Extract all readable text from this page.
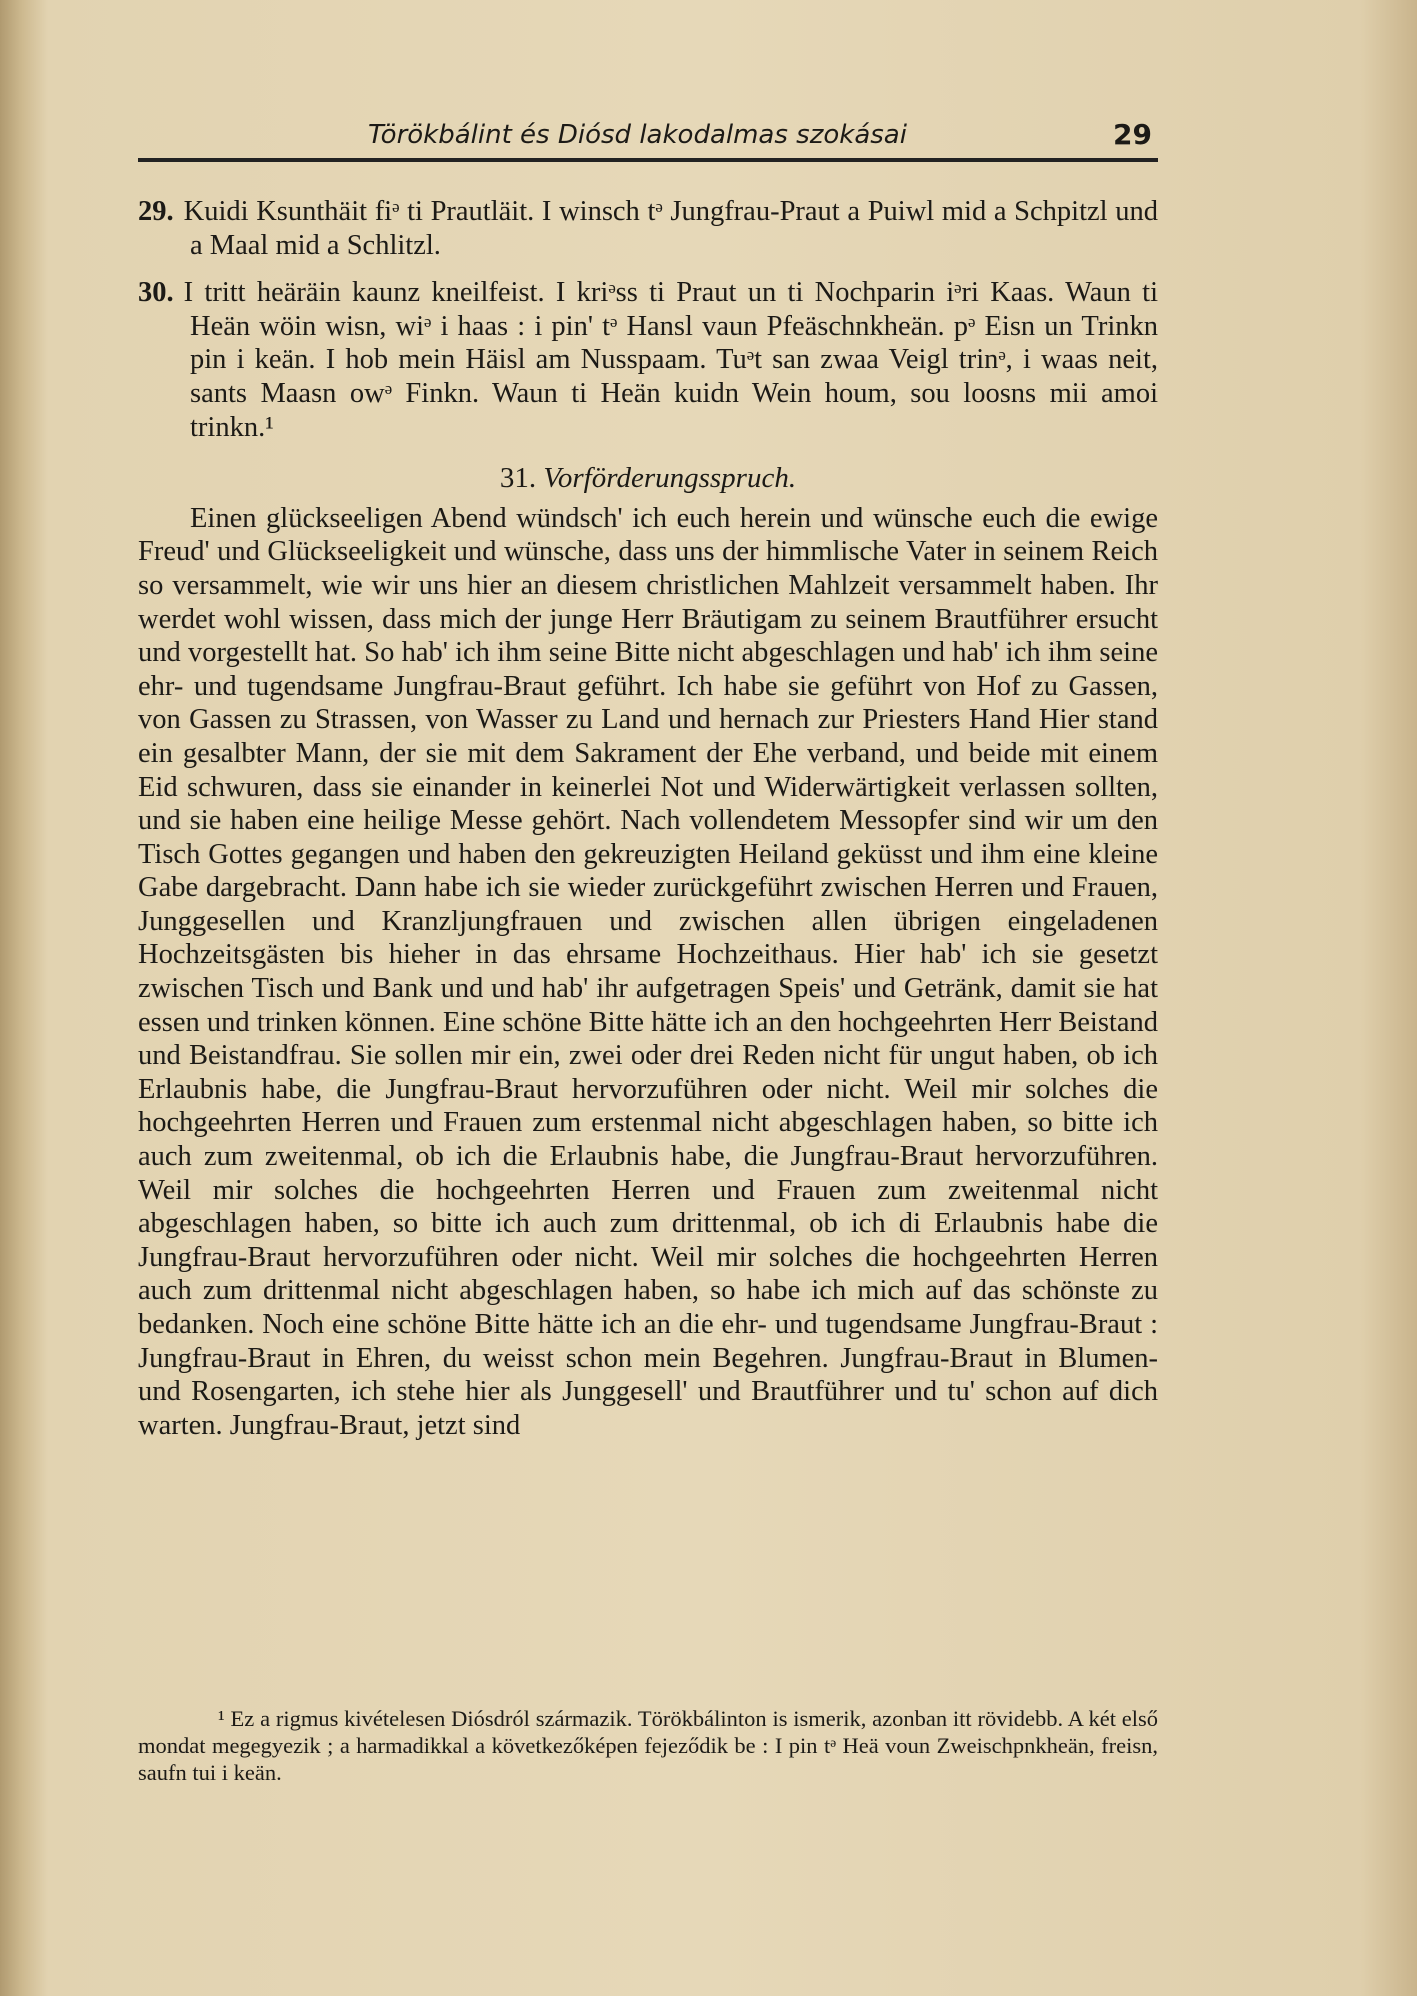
Törökbálint és Diósd lakodalmas szokásai	29

29. Kuidi Ksunthäit fiᵊ ti Prautläit. I winsch tᵊ Jungfrau-Praut a Puiwl mid a Schpitzl und a Maal mid a Schlitzl.

30. I tritt heäräin kaunz kneilfeist. I kriᵊss ti Praut un ti Nochparin iᵊri Kaas. Waun ti Heän wöin wisn, wiᵊ i haas : i pin' tᵊ Hansl vaun Pfeäschnkheän. pᵊ Eisn un Trinkn pin i keän. I hob mein Häisl am Nusspaam. Tuᵊt san zwaa Veigl trinᵊ, i waas neit, sants Maasn owᵊ Finkn. Waun ti Heän kuidn Wein houm, sou loosns mii amoi trinkn.¹

31. Vorförderungsspruch.

Einen glückseeligen Abend wündsch' ich euch herein und wünsche euch die ewige Freud' und Glückseeligkeit und wünsche, dass uns der himmlische Vater in seinem Reich so versammelt, wie wir uns hier an diesem christlichen Mahlzeit versammelt haben. Ihr werdet wohl wissen, dass mich der junge Herr Bräutigam zu seinem Brautführer ersucht und vorgestellt hat. So hab' ich ihm seine Bitte nicht abgeschlagen und hab' ich ihm seine ehr- und tugendsame Jungfrau-Braut geführt. Ich habe sie geführt von Hof zu Gassen, von Gassen zu Strassen, von Wasser zu Land und hernach zur Priesters Hand Hier stand ein gesalbter Mann, der sie mit dem Sakrament der Ehe verband, und beide mit einem Eid schwuren, dass sie einander in keinerlei Not und Widerwärtigkeit verlassen sollten, und sie haben eine heilige Messe gehört. Nach vollendetem Messopfer sind wir um den Tisch Gottes gegangen und haben den gekreuzigten Heiland geküsst und ihm eine kleine Gabe dargebracht. Dann habe ich sie wieder zurückgeführt zwischen Herren und Frauen, Junggesellen und Kranzljungfrauen und zwischen allen übrigen eingeladenen Hochzeitsgästen bis hieher in das ehrsame Hochzeithaus. Hier hab' ich sie gesetzt zwischen Tisch und Bank und und hab' ihr aufgetragen Speis' und Getränk, damit sie hat essen und trinken können. Eine schöne Bitte hätte ich an den hochgeehrten Herr Beistand und Beistandfrau. Sie sollen mir ein, zwei oder drei Reden nicht für ungut haben, ob ich Erlaubnis habe, die Jungfrau-Braut hervorzuführen oder nicht. Weil mir solches die hochgeehrten Herren und Frauen zum erstenmal nicht abgeschlagen haben, so bitte ich auch zum zweitenmal, ob ich die Erlaubnis habe, die Jungfrau-Braut hervorzuführen. Weil mir solches die hochgeehrten Herren und Frauen zum zweitenmal nicht abgeschlagen haben, so bitte ich auch zum drittenmal, ob ich di Erlaubnis habe die Jungfrau-Braut hervorzuführen oder nicht. Weil mir solches die hochgeehrten Herren auch zum drittenmal nicht abgeschlagen haben, so habe ich mich auf das schönste zu bedanken. Noch eine schöne Bitte hätte ich an die ehr- und tugendsame Jungfrau-Braut : Jungfrau-Braut in Ehren, du weisst schon mein Begehren. Jungfrau-Braut in Blumen- und Rosengarten, ich stehe hier als Junggesell' und Brautführer und tu' schon auf dich warten. Jungfrau-Braut, jetzt sind

¹ Ez a rigmus kivételesen Diósdról származik. Törökbálinton is ismerik, azonban itt rövidebb. A két első mondat megegyezik ; a harmadikkal a következőképen fejeződik be : I pin tᵊ Heä voun Zweischpnkheän, freisn, saufn tui i keän.
